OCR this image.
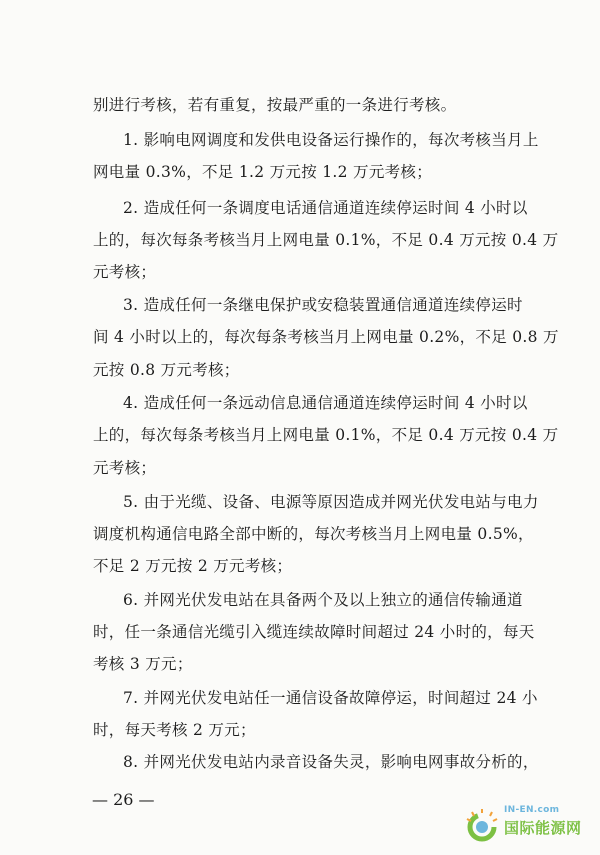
别进行考核，若有重复，按最严重的一条进行考核。
1. 影响电网调度和发供电设备运行操作的，每次考核当月上
网电量 0.3%，不足 1.2 万元按 1.2 万元考核；
2. 造成任何一条调度电话通信通道连续停运时间 4 小时以
上的，每次每条考核当月上网电量 0.1%，不足 0.4 万元按 0.4 万
元考核；
3. 造成任何一条继电保护或安稳装置通信通道连续停运时
间 4 小时以上的，每次每条考核当月上网电量 0.2%，不足 0.8 万
元按 0.8 万元考核；
4. 造成任何一条远动信息通信通道连续停运时间 4 小时以
上的，每次每条考核当月上网电量 0.1%，不足 0.4 万元按 0.4 万
元考核；
5. 由于光缆、设备、电源等原因造成并网光伏发电站与电力
调度机构通信电路全部中断的，每次考核当月上网电量 0.5%，
不足 2 万元按 2 万元考核；
6. 并网光伏发电站在具备两个及以上独立的通信传输通道
时，任一条通信光缆引入缆连续故障时间超过 24 小时的，每天
考核 3 万元；
7. 并网光伏发电站任一通信设备故障停运，时间超过 24 小
时，每天考核 2 万元；
8. 并网光伏发电站内录音设备失灵，影响电网事故分析的，
— 26 —
IN-EN.com
国际能源网
